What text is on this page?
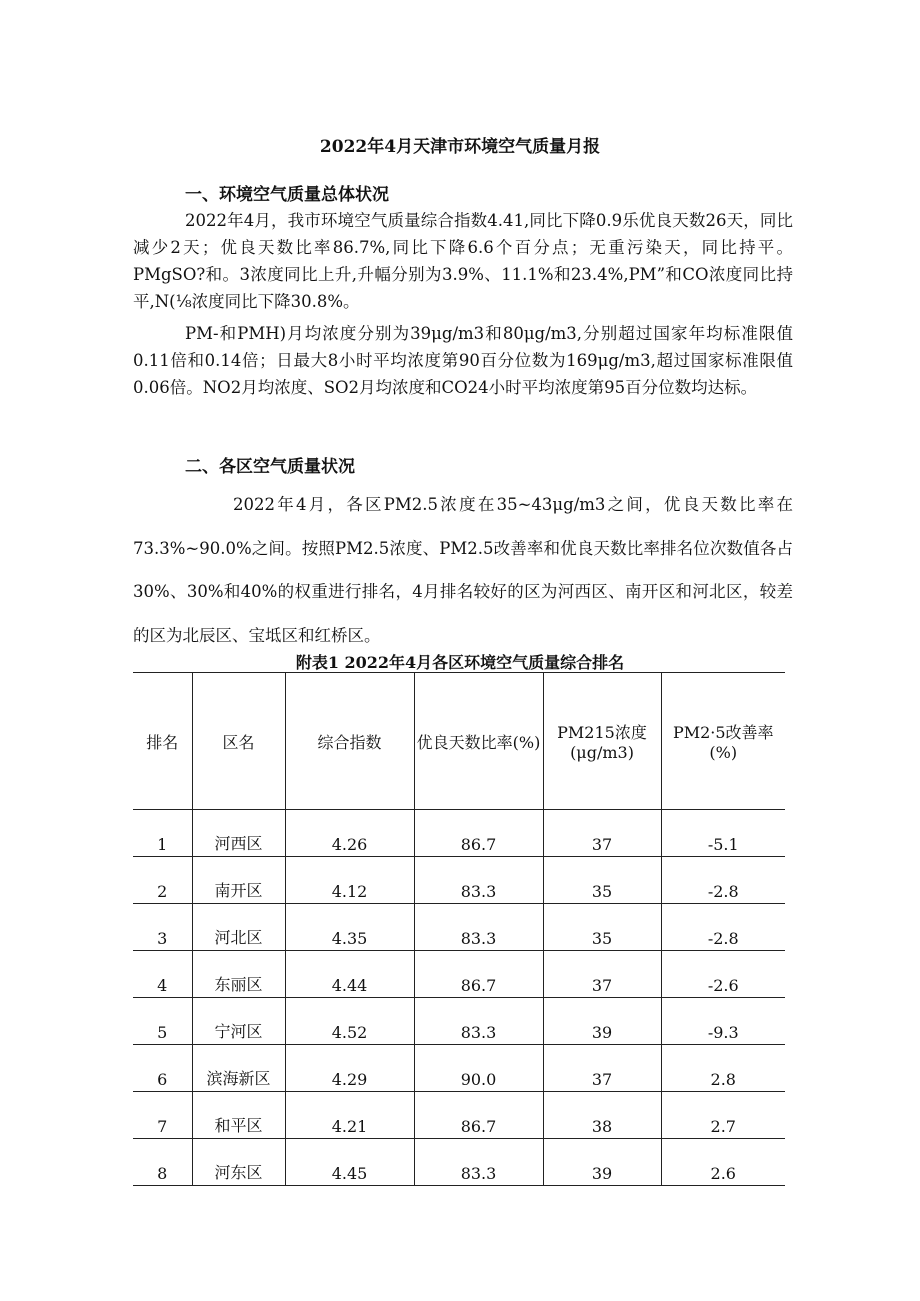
2022年4月天津市环境空气质量月报
一、环境空气质量总体状况
2022年4月，我市环境空气质量综合指数4.41,同比下降0.9乐优良天数26天，同比减少2天；优良天数比率86.7%,同比下降6.6个百分点；无重污染天，同比持平。PMgSO?和。3浓度同比上升,升幅分别为3.9%、11.1%和23.4%,PM”和CO浓度同比持平,N(⅛浓度同比下降30.8%。
PM-和PMH)月均浓度分别为39μg/m3和80μg/m3,分别超过国家年均标准限值0.11倍和0.14倍；日最大8小时平均浓度第90百分位数为169μg/m3,超过国家标准限值0.06倍。NO2月均浓度、SO2月均浓度和CO24小时平均浓度第95百分位数均达标。
二、各区空气质量状况
2022年4月，各区PM2.5浓度在35~43μg/m3之间，优良天数比率在73.3%~90.0%之间。按照PM2.5浓度、PM2.5改善率和优良天数比率排名位次数值各占30%、30%和40%的权重进行排名，4月排名较好的区为河西区、南开区和河北区，较差的区为北辰区、宝坻区和红桥区。
附表1 2022年4月各区环境空气质量综合排名
排名	区名	综合指数	优良天数比率(%)	PM215浓度(μg/m3)	PM2·5改善率(%)
1	河西区	4.26	86.7	37	-5.1
2	南开区	4.12	83.3	35	-2.8
3	河北区	4.35	83.3	35	-2.8
4	东丽区	4.44	86.7	37	-2.6
5	宁河区	4.52	83.3	39	-9.3
6	滨海新区	4.29	90.0	37	2.8
7	和平区	4.21	86.7	38	2.7
8	河东区	4.45	83.3	39	2.6
